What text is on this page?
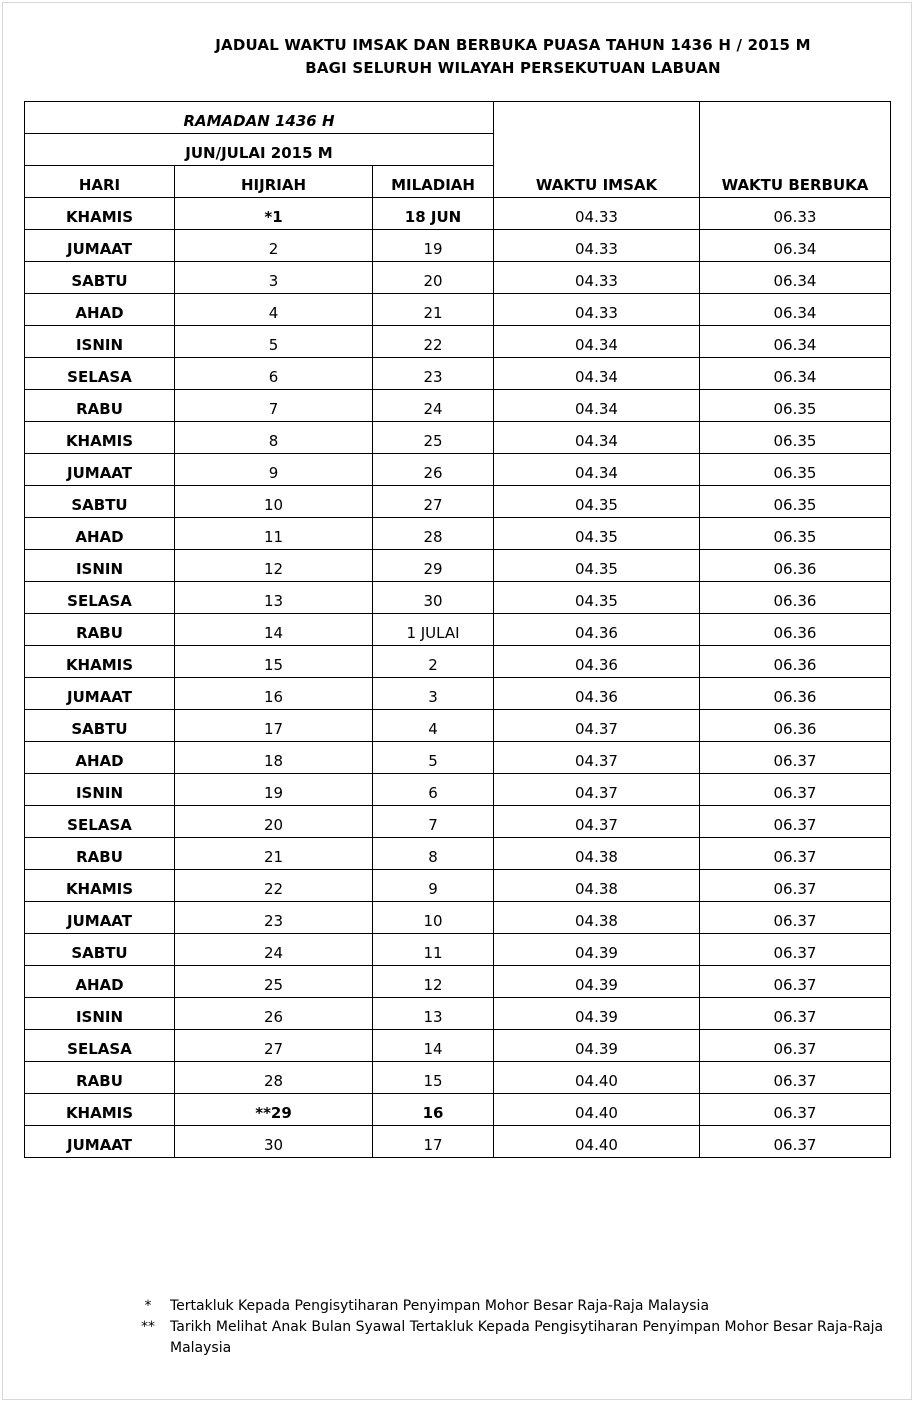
JADUAL WAKTU IMSAK DAN BERBUKA PUASA TAHUN 1436 H / 2015 M
BAGI SELURUH WILAYAH PERSEKUTUAN LABUAN
RAMADAN 1436 H			WAKTU IMSAK	WAKTU BERBUKA
JUN/JULAI 2015 M				
HARI	HIJRIAH	MILADIAH		
KHAMIS	*1	18 JUN	04.33	06.33
JUMAAT	2	19	04.33	06.34
SABTU	3	20	04.33	06.34
AHAD	4	21	04.33	06.34
ISNIN	5	22	04.34	06.34
SELASA	6	23	04.34	06.34
RABU	7	24	04.34	06.35
KHAMIS	8	25	04.34	06.35
JUMAAT	9	26	04.34	06.35
SABTU	10	27	04.35	06.35
AHAD	11	28	04.35	06.35
ISNIN	12	29	04.35	06.36
SELASA	13	30	04.35	06.36
RABU	14	1 JULAI	04.36	06.36
KHAMIS	15	2	04.36	06.36
JUMAAT	16	3	04.36	06.36
SABTU	17	4	04.37	06.36
AHAD	18	5	04.37	06.37
ISNIN	19	6	04.37	06.37
SELASA	20	7	04.37	06.37
RABU	21	8	04.38	06.37
KHAMIS	22	9	04.38	06.37
JUMAAT	23	10	04.38	06.37
SABTU	24	11	04.39	06.37
AHAD	25	12	04.39	06.37
ISNIN	26	13	04.39	06.37
SELASA	27	14	04.39	06.37
RABU	28	15	04.40	06.37
KHAMIS	**29	16	04.40	06.37
JUMAAT	30	17	04.40	06.37
*	Tertakluk Kepada Pengisytiharan Penyimpan Mohor Besar Raja-Raja Malaysia
**	Tarikh Melihat Anak Bulan Syawal Tertakluk Kepada Pengisytiharan Penyimpan Mohor Besar Raja-Raja Malaysia
